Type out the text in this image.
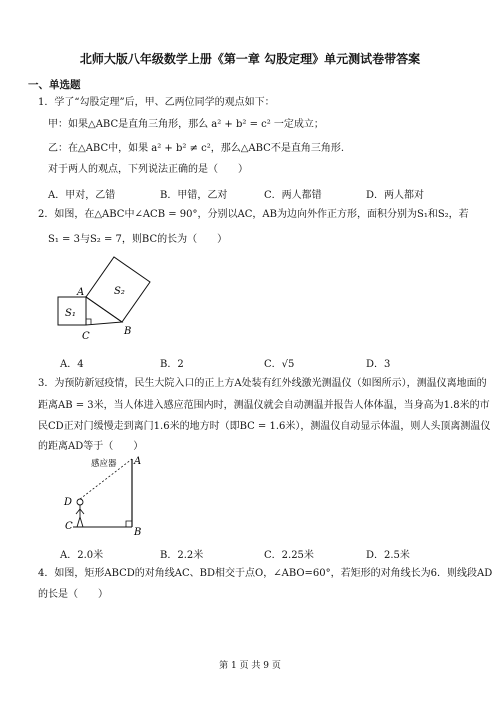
北师大版八年级数学上册《第一章 勾股定理》单元测试卷带答案
一、单选题
1．学了“勾股定理”后，甲、乙两位同学的观点如下：
甲：如果△ABC是直角三角形，那么 a² + b² = c² 一定成立；
乙：在△ABC中，如果 a² + b² ≠ c²，那么△ABC不是直角三角形.
对于两人的观点，下列说法正确的是（　　）
A．甲对，乙错	B．甲错，乙对	C．两人都错	D．两人都对
2．如图，在△ABC中∠ACB = 90°，分别以AC，AB为边向外作正方形，面积分别为S₁和S₂，若
S₁ = 3与S₂ = 7，则BC的长为（　　）
A
C	B
S₁
S₂
A．4	B．2	C．√5	D．3
3．为预防新冠疫情，民生大院入口的正上方A处装有红外线激光测温仪（如图所示），测温仪离地面的
距离AB = 3米，当人体进入感应范围内时，测温仪就会自动测温并报告人体体温，当身高为1.8米的市
民CD正对门缓慢走到离门1.6米的地方时（即BC = 1.6米），测温仪自动显示体温，则人头顶离测温仪
的距离AD等于（　　）
感应器 A
B
C
D
A．2.0米	B．2.2米	C．2.25米	D．2.5米
4．如图，矩形ABCD的对角线AC、BD相交于点O，∠ABO=60°，若矩形的对角线长为6．则线段AD
的长是（　　）
第 1 页 共 9 页
